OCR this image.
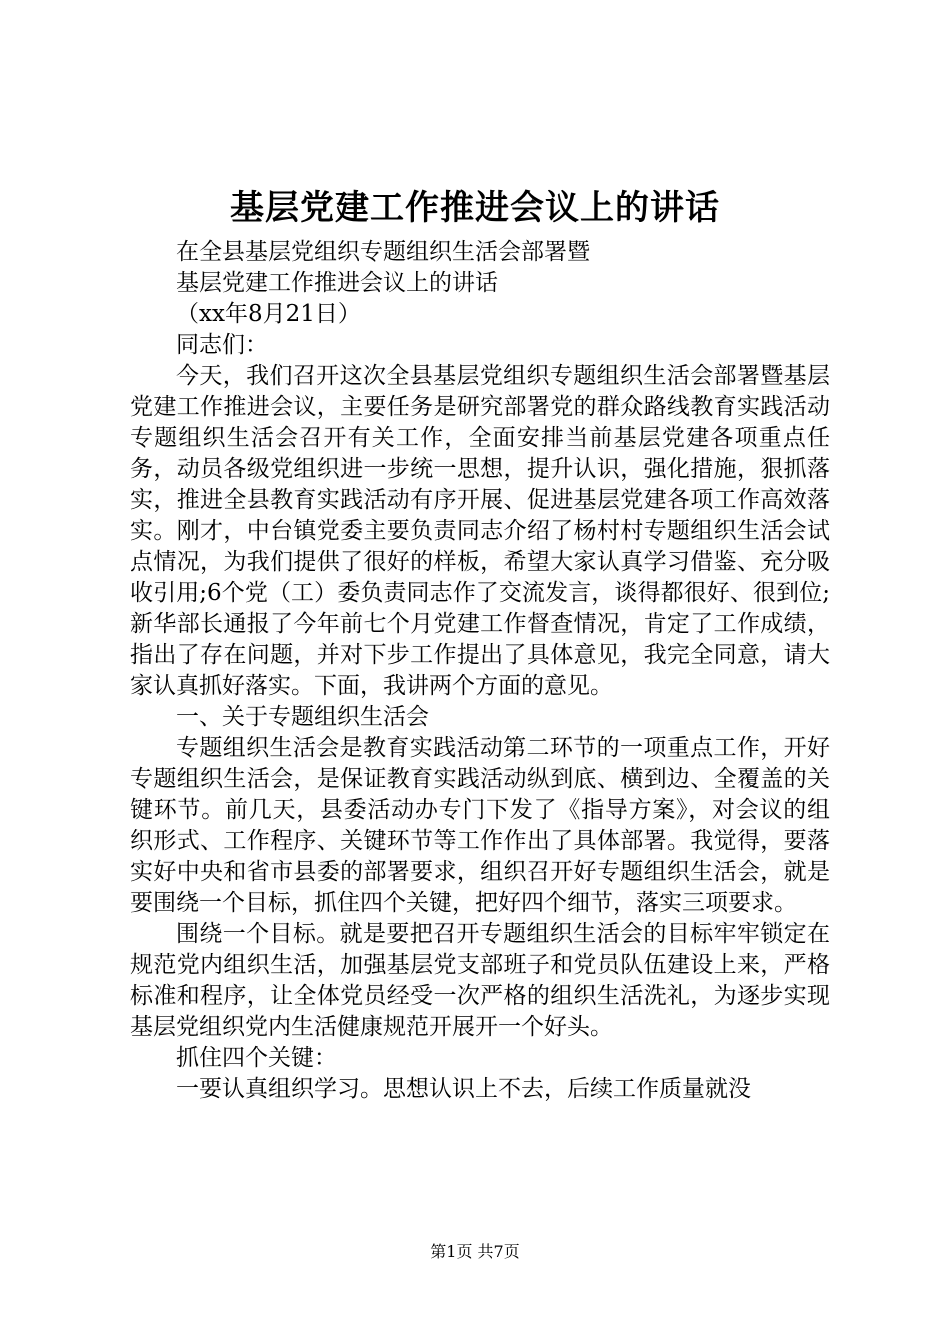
基层党建工作推进会议上的讲话
在全县基层党组织专题组织生活会部署暨
基层党建工作推进会议上的讲话
（xx年8月21日）
同志们：

今天，我们召开这次全县基层党组织专题组织生活会部署暨基层党建工作推进会议，主要任务是研究部署党的群众路线教育实践活动专题组织生活会召开有关工作，全面安排当前基层党建各项重点任务，动员各级党组织进一步统一思想，提升认识，强化措施，狠抓落实，推进全县教育实践活动有序开展、促进基层党建各项工作高效落实。刚才，中台镇党委主要负责同志介绍了杨村村专题组织生活会试点情况，为我们提供了很好的样板，希望大家认真学习借鉴、充分吸收引用;6个党（工）委负责同志作了交流发言，谈得都很好、很到位;新华部长通报了今年前七个月党建工作督查情况，肯定了工作成绩，指出了存在问题，并对下步工作提出了具体意见，我完全同意，请大家认真抓好落实。下面，我讲两个方面的意见。

一、关于专题组织生活会

专题组织生活会是教育实践活动第二环节的一项重点工作，开好专题组织生活会，是保证教育实践活动纵到底、横到边、全覆盖的关键环节。前几天，县委活动办专门下发了《指导方案》，对会议的组织形式、工作程序、关键环节等工作作出了具体部署。我觉得，要落实好中央和省市县委的部署要求，组织召开好专题组织生活会，就是要围绕一个目标，抓住四个关键，把好四个细节，落实三项要求。

围绕一个目标。就是要把召开专题组织生活会的目标牢牢锁定在规范党内组织生活，加强基层党支部班子和党员队伍建设上来，严格标准和程序，让全体党员经受一次严格的组织生活洗礼，为逐步实现基层党组织党内生活健康规范开展开一个好头。

抓住四个关键：
一要认真组织学习。思想认识上不去，后续工作质量就没
第1页 共7页
